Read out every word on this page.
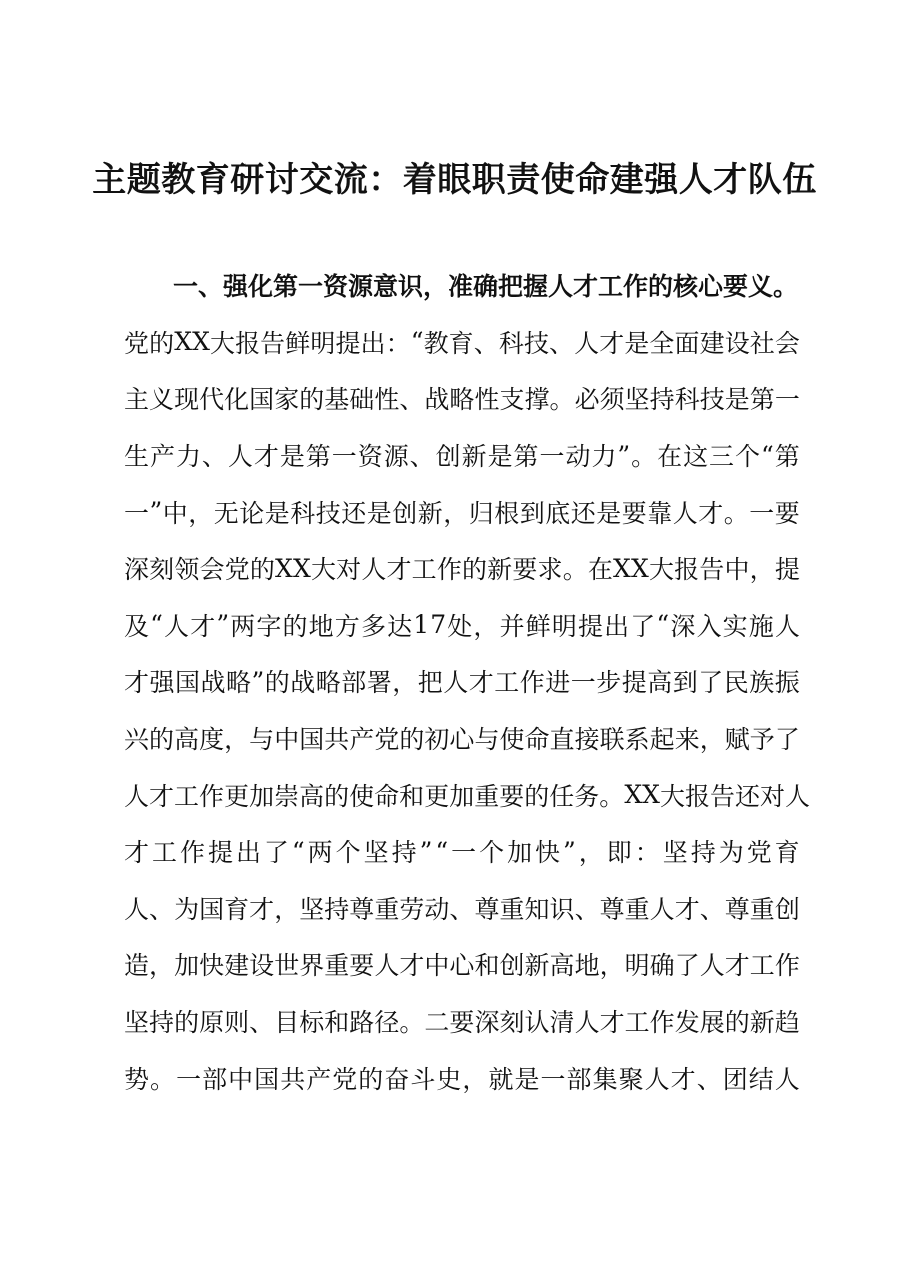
主题教育研讨交流：着眼职责使命建强人才队伍
一、强化第一资源意识，准确把握人才工作的核心要义。
党 的 X X 大 报 告 鲜 明 提 出 ： “ 教 育 、 科 技 、 人 才 是 全 面 建 设 社 会
主 义 现 代 化 国 家 的 基 础 性 、 战 略 性 支 撑 。 必 须 坚 持 科 技 是 第 一
生 产 力 、 人 才 是 第 一 资 源 、 创 新 是 第 一 动 力 ” 。 在 这 三 个 “ 第
一 ” 中 ， 无 论 是 科 技 还 是 创 新 ， 归 根 到 底 还 是 要 靠 人 才 。 一 要
深 刻 领 会 党 的 X X 大 对 人 才 工 作 的 新 要 求 。 在 X X 大 报 告 中 ， 提
及 “ 人 才 ” 两 字 的 地 方 多 达 1 7 处 ， 并 鲜 明 提 出 了 “ 深 入 实 施 人
才 强 国 战 略 ” 的 战 略 部 署 ， 把 人 才 工 作 进 一 步 提 高 到 了 民 族 振
兴 的 高 度 ， 与 中 国 共 产 党 的 初 心 与 使 命 直 接 联 系 起 来 ， 赋 予 了
人 才 工 作 更 加 崇 高 的 使 命 和 更 加 重 要 的 任 务 。 X X 大 报 告 还 对 人
才 工 作 提 出 了 “ 两 个 坚 持 ” “ 一 个 加 快 ” ， 即 ： 坚 持 为 党 育
人 、 为 国 育 才 ， 坚 持 尊 重 劳 动 、 尊 重 知 识 、 尊 重 人 才 、 尊 重 创
造 ， 加 快 建 设 世 界 重 要 人 才 中 心 和 创 新 高 地 ， 明 确 了 人 才 工 作
坚 持 的 原 则 、 目 标 和 路 径 。 二 要 深 刻 认 清 人 才 工 作 发 展 的 新 趋
势 。 一 部 中 国 共 产 党 的 奋 斗 史 ， 就 是 一 部 集 聚 人 才 、 团 结 人
